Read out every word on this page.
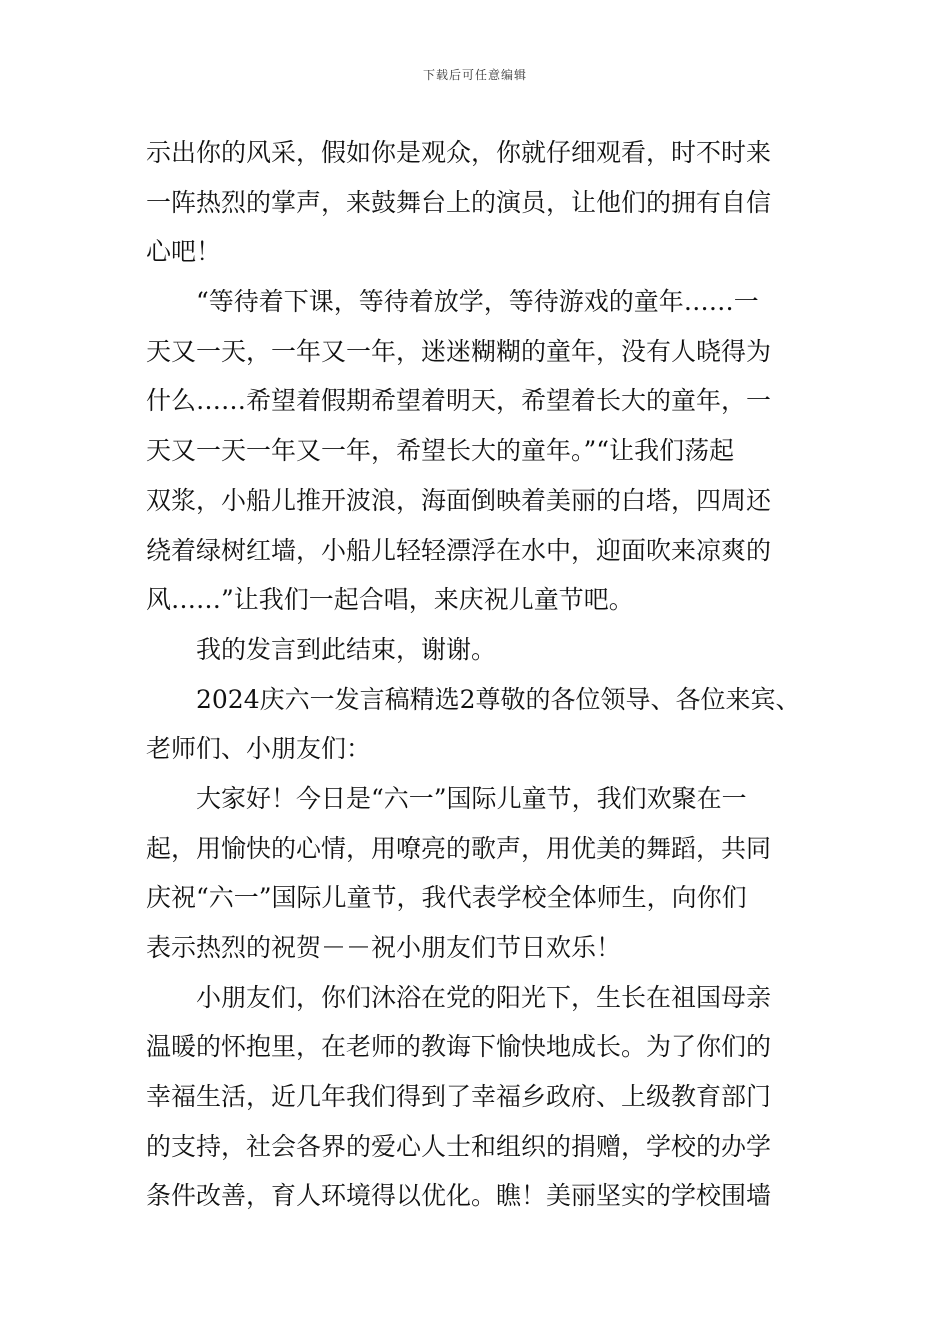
下载后可任意编辑

示出你的风采，假如你是观众，你就仔细观看，时不时来
一阵热烈的掌声，来鼓舞台上的演员，让他们的拥有自信
心吧！

“等待着下课，等待着放学，等待游戏的童年……一
天又一天，一年又一年，迷迷糊糊的童年，没有人晓得为
什么……希望着假期希望着明天，希望着长大的童年，一
天又一天一年又一年，希望长大的童年。”“让我们荡起
双浆，小船儿推开波浪，海面倒映着美丽的白塔，四周还
绕着绿树红墙，小船儿轻轻漂浮在水中，迎面吹来凉爽的
风……”让我们一起合唱，来庆祝儿童节吧。

我的发言到此结束，谢谢。

2024庆六一发言稿精选2尊敬的各位领导、各位来宾、
老师们、小朋友们：

大家好！今日是“六一”国际儿童节，我们欢聚在一
起，用愉快的心情，用嘹亮的歌声，用优美的舞蹈，共同
庆祝“六一”国际儿童节，我代表学校全体师生，向你们
表示热烈的祝贺－－祝小朋友们节日欢乐！

小朋友们，你们沐浴在党的阳光下，生长在祖国母亲
温暖的怀抱里，在老师的教诲下愉快地成长。为了你们的
幸福生活，近几年我们得到了幸福乡政府、上级教育部门
的支持，社会各界的爱心人士和组织的捐赠，学校的办学
条件改善，育人环境得以优化。瞧！美丽坚实的学校围墙
